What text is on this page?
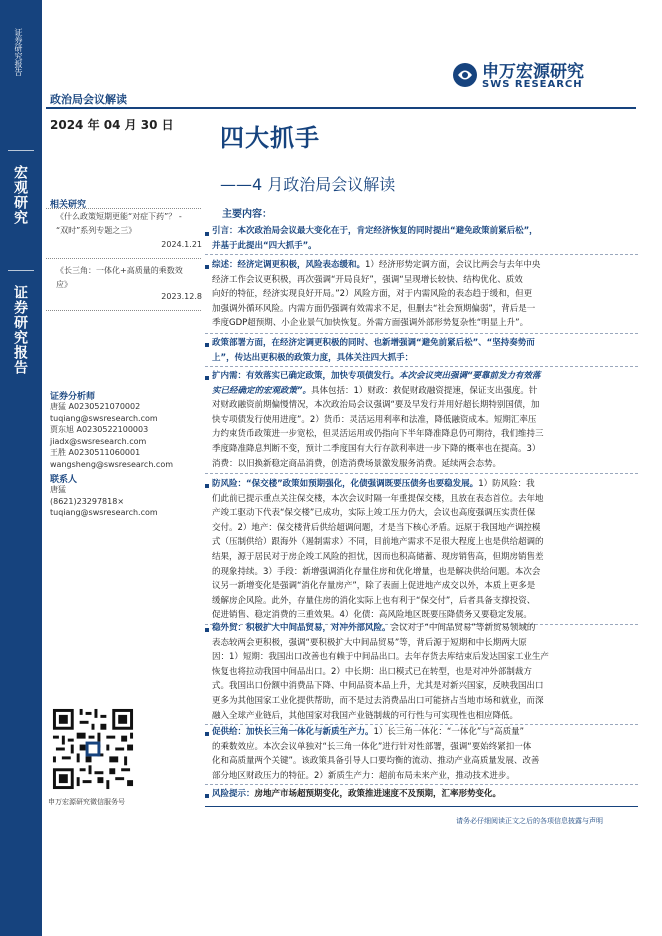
证券研究报告
宏观研究
证券研究报告
政治局会议解读
申万宏源研究
SWS RESEARCH
2024 年 04 月 30 日 四大抓手
——4 月政治局会议解读
相关研究
《什么政策短期更能“对症下药”？ -
“双时”系列专题之三》
2024.1.21
《长三角：一体化+高质量的乘数效
应》
2023.12.8
证券分析师
唐猛 A0230521070002
tuqiang@swsresearch.com
贾东旭 A0230522100003
jiadx@swsresearch.com
王胜 A0230511060001
wangsheng@swsresearch.com
联系人
唐猛
(8621)23297818×
tuqiang@swsresearch.com
申万宏源研究微信服务号
主要内容：
引言：本次政治局会议最大变化在于，肯定经济恢复的同时提出“避免政策前紧后松”，
并基于此提出“四大抓手”。
综述：经济定调更积极，风险表态缓和。1）经济形势定调方面，会议比两会与去年中央
经济工作会议更积极，再次强调“开局良好”，强调“呈现增长较快、结构优化、质效
向好的特征，经济实现良好开局。”2）风险方面，对于内需风险的表态趋于缓和，但更
加强调外循环风险。内需方面仍强调有效需求不足，但删去“社会预期偏弱”，背后是一
季度GDP超预期、小企业景气加快恢复。外需方面强调外部形势复杂性“明显上升”。
政策部署方面，在经济定调更积极的同时、也新增强调“避免前紧后松”、“坚持奏势而
上”，传达出更积极的政策力度，具体关注四大抓手：
扩内需：有效落实已确定政策，加快专项债发行。本次会议突出强调“要靠前发力有效落
实已经确定的宏观政策”。具体包括：1）财政：救促财政融资提速，保证支出强度。针
对财政融资前期偏慢情况，本次政治局会议强调“要及早发行并用好超长期特别国债，加
快专项债发行使用进度”。2）货币：灵活运用利率和法准，降低融资成本。短期汇率压
力约束货币政策进一步宽松，但灵活运用或仍指向下半年降准降息仍可期待，我们维持三
季度降准降息判断不变，预计二季度国有大行存款利率进一步下降的概率也在提高。3）
消费：以旧换新稳定商品消费，创造消费场景激发服务消费。延续两会态势。
防风险：“保交楼”政策如预期强化，化债强调既要压债务也要稳发展。1）防风险：我
们此前已提示重点关注保交楼，本次会议时隔一年重提保交楼，且放在表态首位。去年地
产竣工驱动下代表“保交楼”已成功，实际上竣工压力仍大，会议也高度强调压实责任保
交付。2）地产：保交楼背后供给超调问题，才是当下核心矛盾。远原于我国地产调控模
式（压制供给）跟海外（遏制需求）不同，目前地产需求不足很大程度上也是供给超调的
结果，源于居民对于房企竣工风险的担忧，因而也积高储蓄、现房销售高，但期房销售差
的现象持续。3）手段：新增强调消化存量住房和优化增量，也是解决供给问题。本次会
议另一新增变化是强调“消化存量房产”，除了表面上促进地产成交以外，本质上更多是
缓解房企风险。此外，存量住房的消化实际上也有利于“保交付”，后者具备支撑投资、
促进销售、稳定消费的三重效果。4）化债：高风险地区既要压降债务又要稳定发展。
稳外贸：积极扩大中间品贸易，对冲外部风险。会议对于“中间品贸易”等新贸易领域的
表态较两会更积极，强调“要积极扩大中间品贸易”等，背后源于短期和中长期两大原
因：1）短期：我国出口改善也有赖于中间品出口。去年存货去库结束后发达国家工业生产
恢复也将拉动我国中间品出口。2）中长期：出口模式已在转型，也是对冲外部制裁方
式。我国出口份额中消费品下降、中间品资本品上升，尤其是对新兴国家，反映我国出口
更多为其他国家工业化提供帮助，而不是过去消费品出口可能挤占当地市场和就业，而深
融入全球产业链后，其他国家对我国产业链制裁的可行性与可实现性也相应降低。
促供给：加快长三角一体化与新质生产力。1）长三角一体化：“一体化”与“高质量”
的乘数效应。本次会议单独对“长三角一体化”进行针对性部署，强调“要始终紧扣一体
化和高质量两个关键”。该政策具备引导人口要均衡的流动、推动产业高质量发展、改善
部分地区财政压力的特征。2）新质生产力：超前布局未来产业，推动技术进步。
风险提示：房地产市场超预期变化，政策推进速度不及预期，汇率形势变化。
请务必仔细阅读正文之后的各项信息披露与声明
